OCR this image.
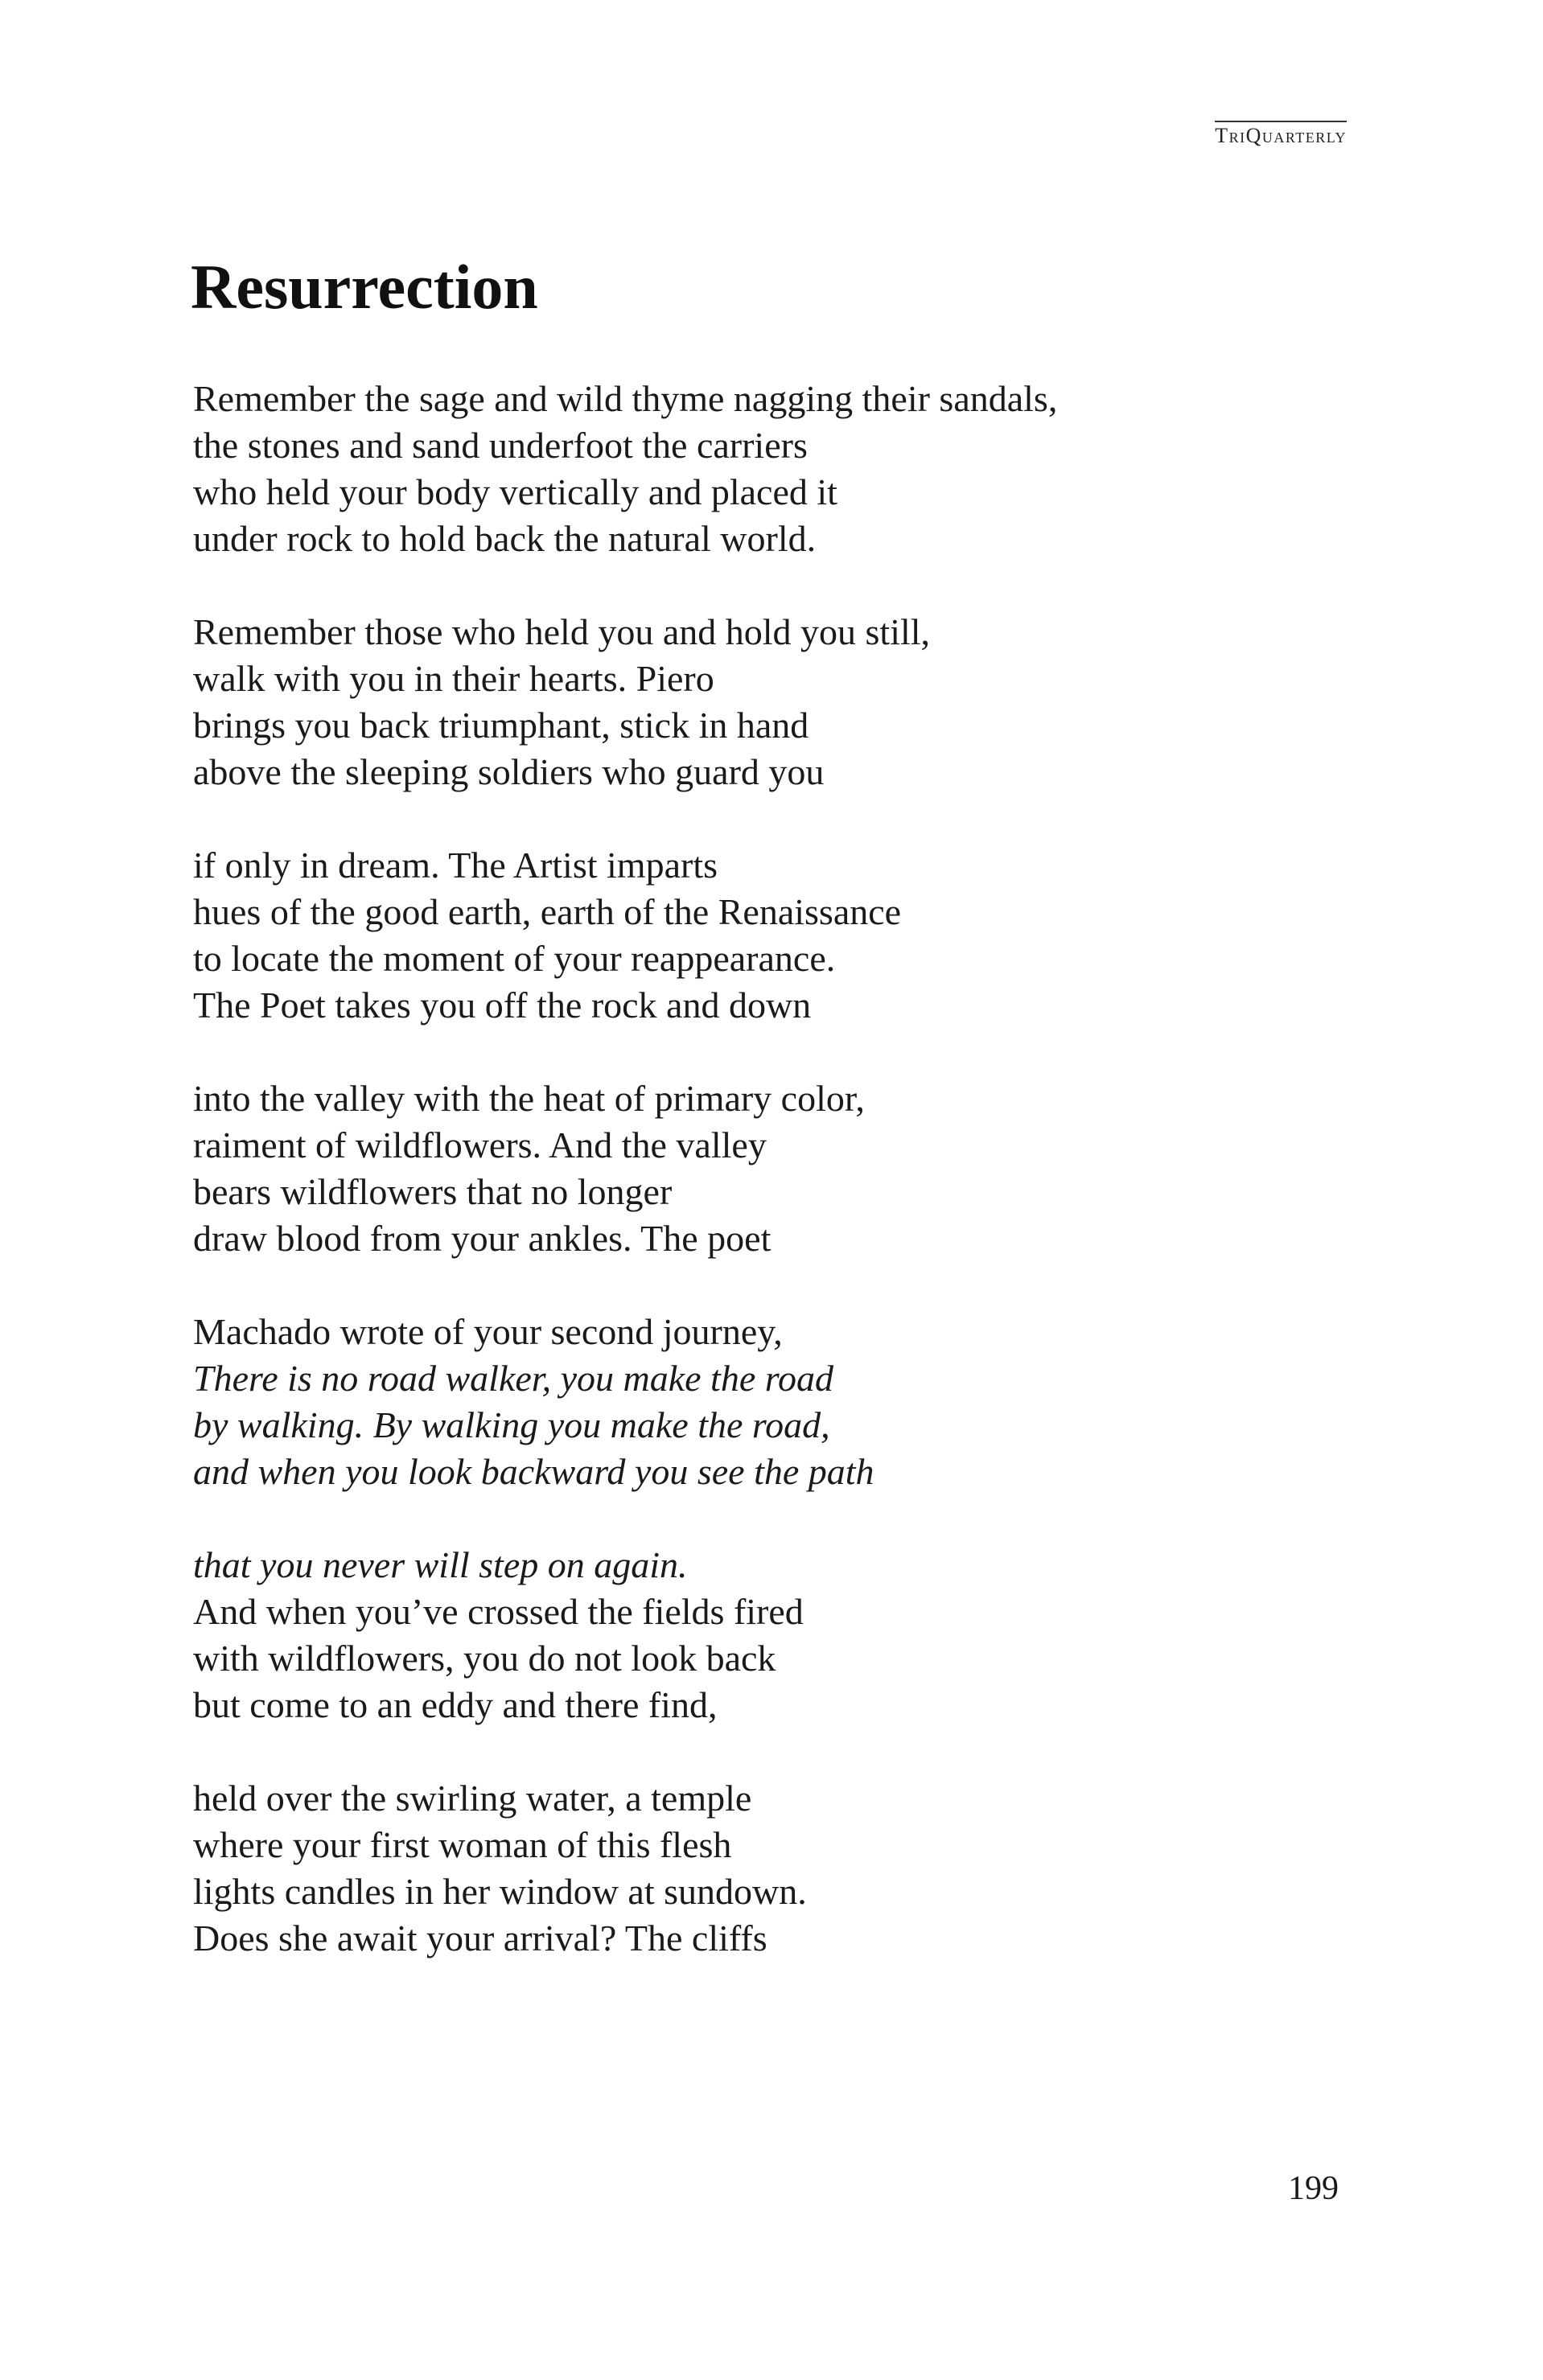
TriQuarterly
Resurrection
Remember the sage and wild thyme nagging their sandals,
the stones and sand underfoot the carriers
who held your body vertically and placed it
under rock to hold back the natural world.
Remember those who held you and hold you still,
walk with you in their hearts. Piero
brings you back triumphant, stick in hand
above the sleeping soldiers who guard you
if only in dream. The Artist imparts
hues of the good earth, earth of the Renaissance
to locate the moment of your reappearance.
The Poet takes you off the rock and down
into the valley with the heat of primary color,
raiment of wildflowers. And the valley
bears wildflowers that no longer
draw blood from your ankles. The poet
Machado wrote of your second journey,
There is no road walker, you make the road
by walking. By walking you make the road,
and when you look backward you see the path
that you never will step on again.
And when you’ve crossed the fields fired
with wildflowers, you do not look back
but come to an eddy and there find,
held over the swirling water, a temple
where your first woman of this flesh
lights candles in her window at sundown.
Does she await your arrival? The cliffs
199
